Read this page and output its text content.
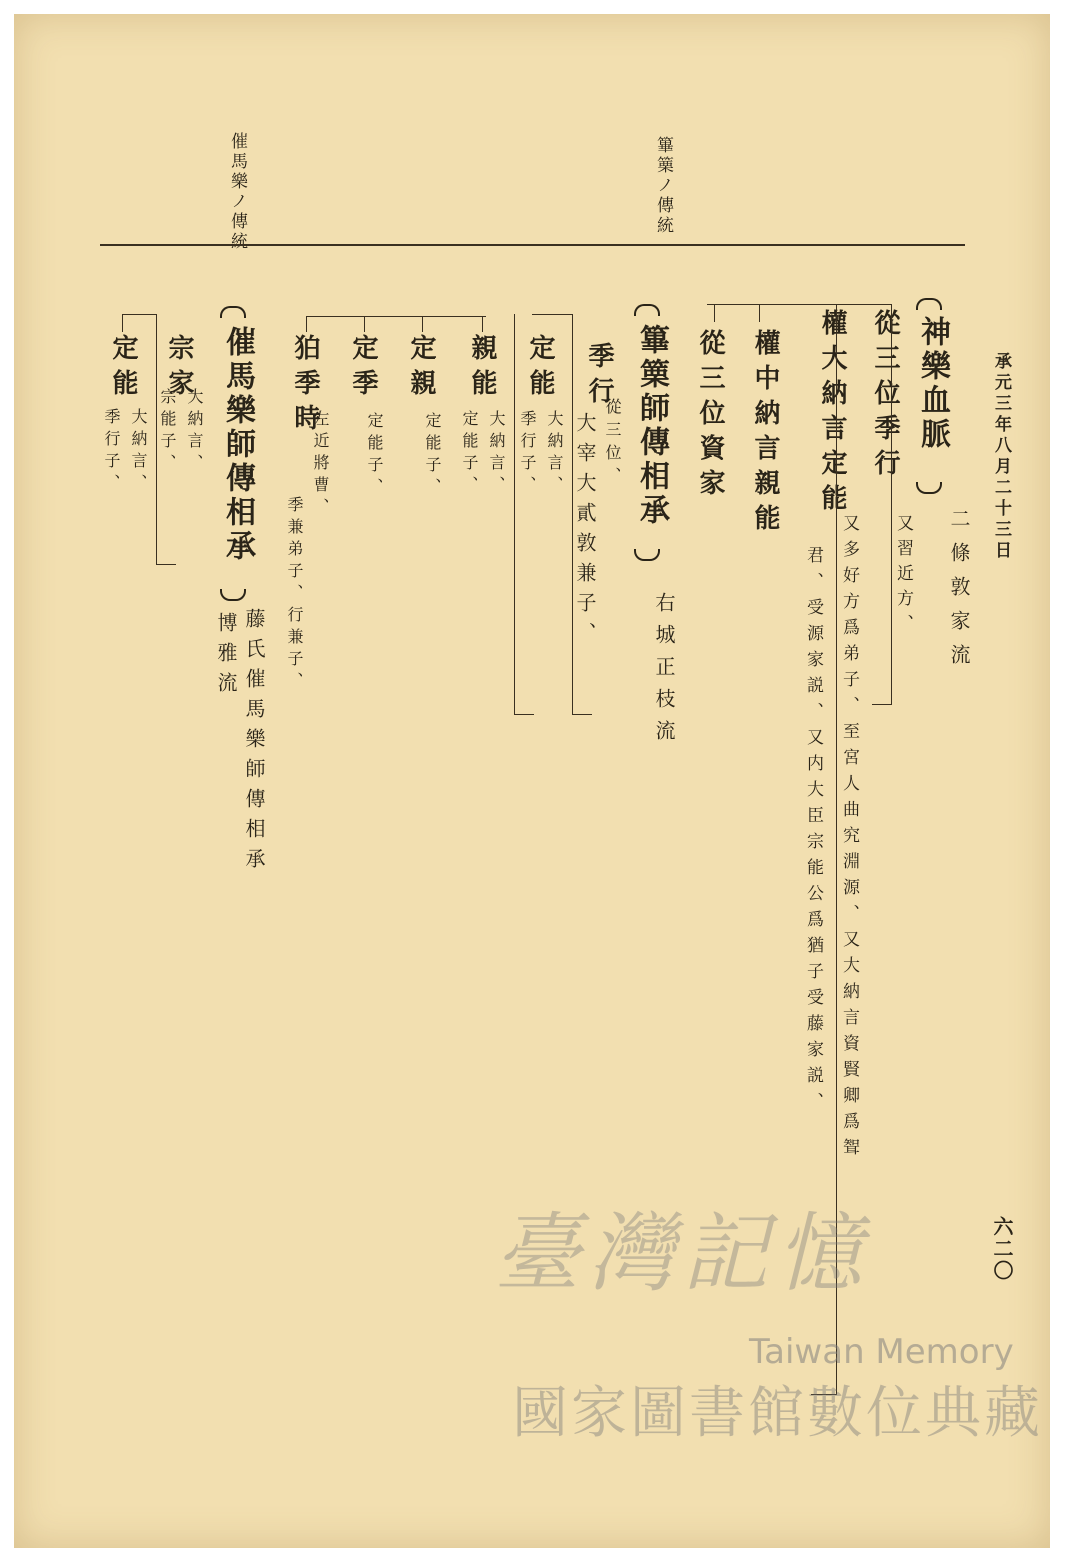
承元三年八月二十三日
六二〇
篳篥ノ傳統
催馬樂ノ傳統
神樂血脈
二條敦家流
從三位季行
又習近方、
權大納言定能
又多好方爲弟子、至宮人曲究淵源、又大納言資賢卿爲聟
君、受源家説、又内大臣宗能公爲猶子受藤家説、
權中納言親能
從三位資家
篳篥師傳相承
右城正枝流
季行
從三位、
大宰大貳敦兼子、
定能
大納言、
季行子、
親能
大納言、
定能子、
定親
定能子、
定季
定能子、
狛季時
左近將曹、
季兼弟子、行兼子、
催馬樂師傳相承
藤氏催馬樂師傳相承
博雅流
宗家
大納言、
宗能子、
定能
大納言、
季行子、
臺灣記憶
Taiwan Memory
國家圖書館數位典藏
